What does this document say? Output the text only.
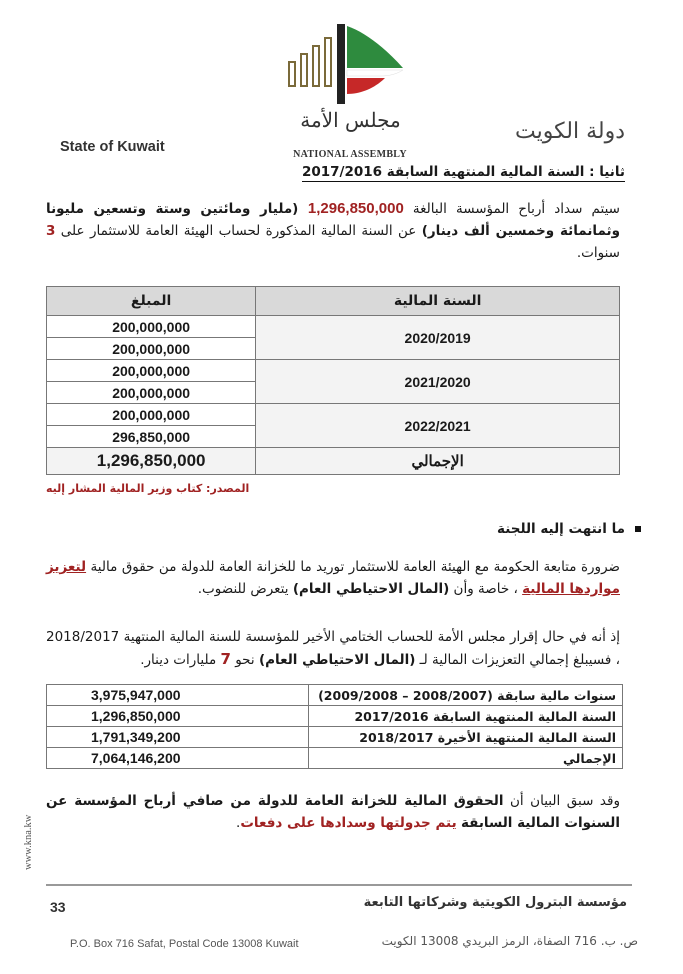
مجلس الأمة
NATIONAL ASSEMBLY
State of Kuwait
دولة الكويت
ثانيا : السنة المالية المنتهية السابقة 2017/2016
سيتم سداد أرباح المؤسسة البالغة 1,296,850,000 (مليار ومائتين وستة وتسعين مليونا وثمانمائة وخمسين ألف دينار) عن السنة المالية المذكورة لحساب الهيئة العامة للاستثمار على 3 سنوات.
السنة المالية	المبلغ
2020/2019	200,000,000
	200,000,000
2021/2020	200,000,000
	200,000,000
2022/2021	200,000,000
	296,850,000
الإجمالي	1,296,850,000
المصدر: كتاب وزير المالية المشار إليه
ما انتهت إليه اللجنة
ضرورة متابعة الحكومة مع الهيئة العامة للاستثمار توريد ما للخزانة العامة للدولة من حقوق مالية لتعزيز مواردها المالية ، خاصة وأن (المال الاحتياطي العام) يتعرض للنضوب.
إذ أنه في حال إقرار مجلس الأمة للحساب الختامي الأخير للمؤسسة للسنة المالية المنتهية 2018/2017 ، فسيبلغ إجمالي التعزيزات المالية لـ (المال الاحتياطي العام) نحو 7 مليارات دينار.
سنوات مالية سابقة (2008/2007 – 2009/2008)	3,975,947,000
السنة المالية المنتهية السابقة 2017/2016	1,296,850,000
السنة المالية المنتهية الأخيرة 2018/2017	1,791,349,200
الإجمالي	7,064,146,200
وقد سبق البيان أن الحقوق المالية للخزانة العامة للدولة من صافي أرباح المؤسسة عن السنوات المالية السابقة يتم جدولتها وسدادها على دفعات.
www.kna.kw
33	مؤسسة البترول الكويتية وشركاتها التابعة
P.O. Box 716 Safat, Postal Code 13008 Kuwait	ص. ب. 716 الصفاة، الرمز البريدي 13008 الكويت
